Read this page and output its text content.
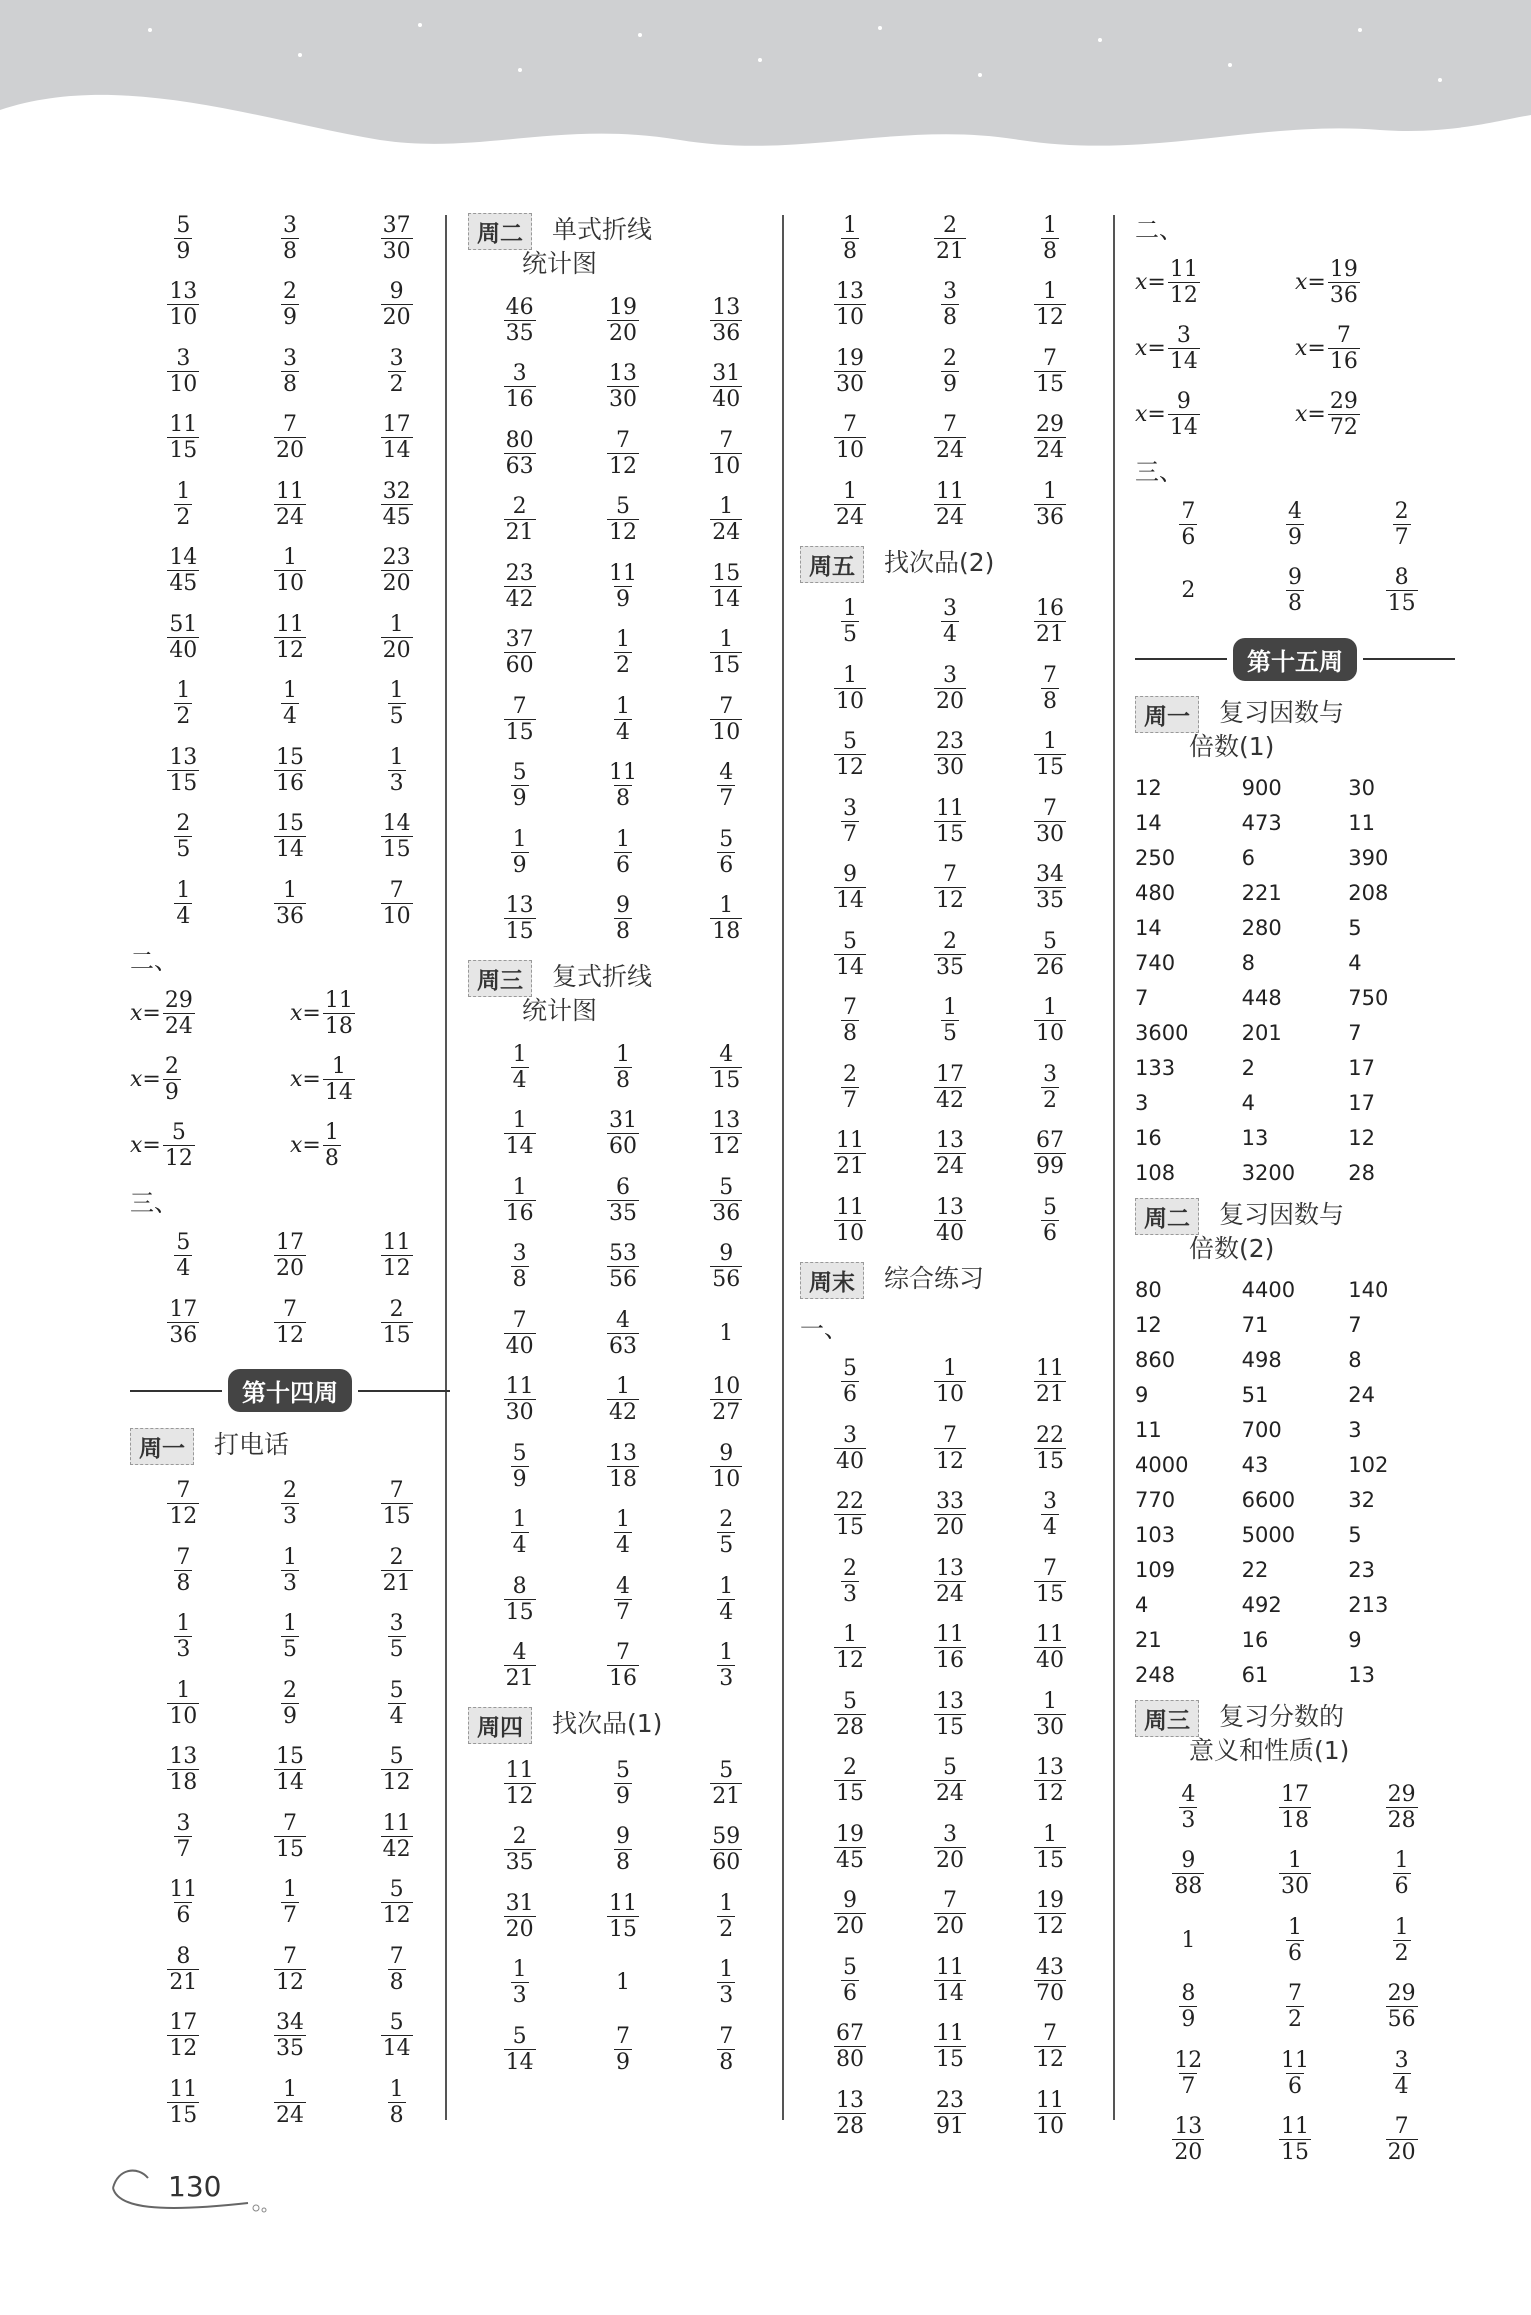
$\frac{5}{9}$	$\frac{3}{8}$	$\frac{37}{30}$
$\frac{13}{10}$	$\frac{2}{9}$	$\frac{9}{20}$
$\frac{3}{10}$	$\frac{3}{8}$	$\frac{3}{2}$
$\frac{11}{15}$	$\frac{7}{20}$	$\frac{17}{14}$
$\frac{1}{2}$	$\frac{11}{24}$	$\frac{32}{45}$
$\frac{14}{45}$	$\frac{1}{10}$	$\frac{23}{20}$
$\frac{51}{40}$	$\frac{11}{12}$	$\frac{1}{20}$
$\frac{1}{2}$	$\frac{1}{4}$	$\frac{1}{5}$
$\frac{13}{15}$	$\frac{15}{16}$	$\frac{1}{3}$
$\frac{2}{5}$	$\frac{15}{14}$	$\frac{14}{15}$
$\frac{1}{4}$	$\frac{1}{36}$	$\frac{7}{10}$
二、
$x= \frac{29}{24}$	$x= \frac{11}{18}$
$x= \frac{2}{9}$	$x= \frac{1}{14}$
$x= \frac{5}{12}$	$x= \frac{1}{8}$
三、
$\frac{5}{4}$	$\frac{17}{20}$	$\frac{11}{12}$
$\frac{17}{36}$	$\frac{7}{12}$	$\frac{2}{15}$
第十四周
周一	打电话
$\frac{7}{12}$	$\frac{2}{3}$	$\frac{7}{15}$
$\frac{7}{8}$	$\frac{1}{3}$	$\frac{2}{21}$
$\frac{1}{3}$	$\frac{1}{5}$	$\frac{3}{5}$
$\frac{1}{10}$	$\frac{2}{9}$	$\frac{5}{4}$
$\frac{13}{18}$	$\frac{15}{14}$	$\frac{5}{12}$
$\frac{3}{7}$	$\frac{7}{15}$	$\frac{11}{42}$
$\frac{11}{6}$	$\frac{1}{7}$	$\frac{5}{12}$
$\frac{8}{21}$	$\frac{7}{12}$	$\frac{7}{8}$
$\frac{17}{12}$	$\frac{34}{35}$	$\frac{5}{14}$
$\frac{11}{15}$	$\frac{1}{24}$	$\frac{1}{8}$
周二	单式折线
统计图
$\frac{46}{35}$	$\frac{19}{20}$	$\frac{13}{36}$
$\frac{3}{16}$	$\frac{13}{30}$	$\frac{31}{40}$
$\frac{80}{63}$	$\frac{7}{12}$	$\frac{7}{10}$
$\frac{2}{21}$	$\frac{5}{12}$	$\frac{1}{24}$
$\frac{23}{42}$	$\frac{11}{9}$	$\frac{15}{14}$
$\frac{37}{60}$	$\frac{1}{2}$	$\frac{1}{15}$
$\frac{7}{15}$	$\frac{1}{4}$	$\frac{7}{10}$
$\frac{5}{9}$	$\frac{11}{8}$	$\frac{4}{7}$
$\frac{1}{9}$	$\frac{1}{6}$	$\frac{5}{6}$
$\frac{13}{15}$	$\frac{9}{8}$	$\frac{1}{18}$
周三	复式折线
统计图
$\frac{1}{4}$	$\frac{1}{8}$	$\frac{4}{15}$
$\frac{1}{14}$	$\frac{31}{60}$	$\frac{13}{12}$
$\frac{1}{16}$	$\frac{6}{35}$	$\frac{5}{36}$
$\frac{3}{8}$	$\frac{53}{56}$	$\frac{9}{56}$
$\frac{7}{40}$	$\frac{4}{63}$	1
$\frac{11}{30}$	$\frac{1}{42}$	$\frac{10}{27}$
$\frac{5}{9}$	$\frac{13}{18}$	$\frac{9}{10}$
$\frac{1}{4}$	$\frac{1}{4}$	$\frac{2}{5}$
$\frac{8}{15}$	$\frac{4}{7}$	$\frac{1}{4}$
$\frac{4}{21}$	$\frac{7}{16}$	$\frac{1}{3}$
周四	找次品(1)
$\frac{11}{12}$	$\frac{5}{9}$	$\frac{5}{21}$
$\frac{2}{35}$	$\frac{9}{8}$	$\frac{59}{60}$
$\frac{31}{20}$	$\frac{11}{15}$	$\frac{1}{2}$
$\frac{1}{3}$	1	$\frac{1}{3}$
$\frac{5}{14}$	$\frac{7}{9}$	$\frac{7}{8}$
$\frac{1}{8}$	$\frac{2}{21}$	$\frac{1}{8}$
$\frac{13}{10}$	$\frac{3}{8}$	$\frac{1}{12}$
$\frac{19}{30}$	$\frac{2}{9}$	$\frac{7}{15}$
$\frac{7}{10}$	$\frac{7}{24}$	$\frac{29}{24}$
$\frac{1}{24}$	$\frac{11}{24}$	$\frac{1}{36}$
周五	找次品(2)
$\frac{1}{5}$	$\frac{3}{4}$	$\frac{16}{21}$
$\frac{1}{10}$	$\frac{3}{20}$	$\frac{7}{8}$
$\frac{5}{12}$	$\frac{23}{30}$	$\frac{1}{15}$
$\frac{3}{7}$	$\frac{11}{15}$	$\frac{7}{30}$
$\frac{9}{14}$	$\frac{7}{12}$	$\frac{34}{35}$
$\frac{5}{14}$	$\frac{2}{35}$	$\frac{5}{26}$
$\frac{7}{8}$	$\frac{1}{5}$	$\frac{1}{10}$
$\frac{2}{7}$	$\frac{17}{42}$	$\frac{3}{2}$
$\frac{11}{21}$	$\frac{13}{24}$	$\frac{67}{99}$
$\frac{11}{10}$	$\frac{13}{40}$	$\frac{5}{6}$
周末	综合练习
一、
$\frac{5}{6}$	$\frac{1}{10}$	$\frac{11}{21}$
$\frac{3}{40}$	$\frac{7}{12}$	$\frac{22}{15}$
$\frac{22}{15}$	$\frac{33}{20}$	$\frac{3}{4}$
$\frac{2}{3}$	$\frac{13}{24}$	$\frac{7}{15}$
$\frac{1}{12}$	$\frac{11}{16}$	$\frac{11}{40}$
$\frac{5}{28}$	$\frac{13}{15}$	$\frac{1}{30}$
$\frac{2}{15}$	$\frac{5}{24}$	$\frac{13}{12}$
$\frac{19}{45}$	$\frac{3}{20}$	$\frac{1}{15}$
$\frac{9}{20}$	$\frac{7}{20}$	$\frac{19}{12}$
$\frac{5}{6}$	$\frac{11}{14}$	$\frac{43}{70}$
$\frac{67}{80}$	$\frac{11}{15}$	$\frac{7}{12}$
$\frac{13}{28}$	$\frac{23}{91}$	$\frac{11}{10}$
二、
$x= \frac{11}{12}$	$x= \frac{19}{36}$
$x= \frac{3}{14}$	$x= \frac{7}{16}$
$x= \frac{9}{14}$	$x= \frac{29}{72}$
三、
$\frac{7}{6}$	$\frac{4}{9}$	$\frac{2}{7}$
2	$\frac{9}{8}$	$\frac{8}{15}$
第十五周
周一	复习因数与
倍数(1)
12	900	30
14	473	11
250	6	390
480	221	208
14	280	5
740	8	4
7	448	750
3600	201	7
133	2	17
3	4	17
16	13	12
108	3200	28
周二	复习因数与
倍数(2)
80	4400	140
12	71	7
860	498	8
9	51	24
11	700	3
4000	43	102
770	6600	32
103	5000	5
109	22	23
4	492	213
21	16	9
248	61	13
周三	复习分数的
意义和性质(1)
$\frac{4}{3}$	$\frac{17}{18}$	$\frac{29}{28}$
$\frac{9}{88}$	$\frac{1}{30}$	$\frac{1}{6}$
1	$\frac{1}{6}$	$\frac{1}{2}$
$\frac{8}{9}$	$\frac{7}{2}$	$\frac{29}{56}$
$\frac{12}{7}$	$\frac{11}{6}$	$\frac{3}{4}$
$\frac{13}{20}$	$\frac{11}{15}$	$\frac{7}{20}$
130
